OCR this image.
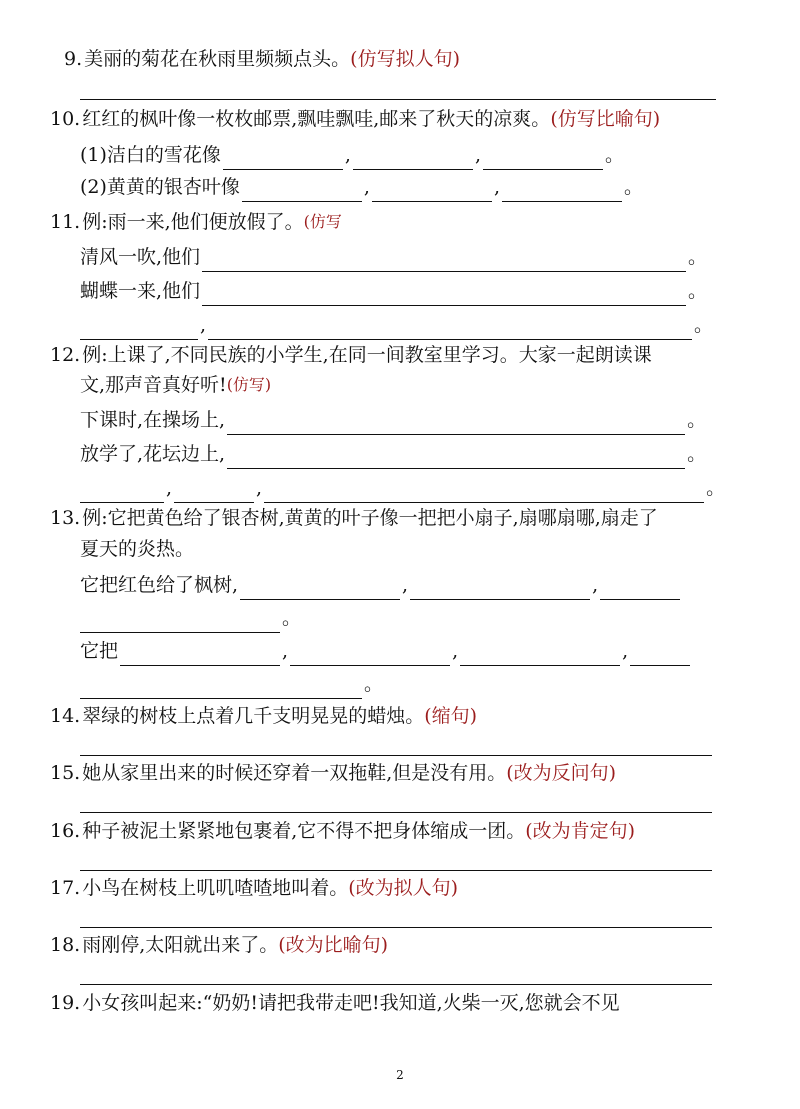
9. 美丽的菊花在秋雨里频频点头。 (仿写拟人句)
10. 红红的枫叶像一枚枚邮票,飘哇飘哇,邮来了秋天的凉爽。 (仿写比喻句)
(1)洁白的雪花像	,	,	。
(2)黄黄的银杏叶像	,	,	。
11. 例:雨一来,他们便放假了。 (仿写
清风一吹,他们	。
蝴蝶一来,他们	。
,	。
12. 例:上课了,不同民族的小学生,在同一间教室里学习。大家一起朗读课
文,那声音真好听! (仿写)
下课时,在操场上,	。
放学了,花坛边上,	。
,	,	。
13. 例:它把黄色给了银杏树,黄黄的叶子像一把把小扇子,扇哪扇哪,扇走了
夏天的炎热。
它把红色给了枫树,	,	,
。
它把	,	,	,
。
14. 翠绿的树枝上点着几千支明晃晃的蜡烛。 (缩句)
15. 她从家里出来的时候还穿着一双拖鞋,但是没有用。 (改为反问句)
16. 种子被泥土紧紧地包裹着,它不得不把身体缩成一团。 (改为肯定句)
17. 小鸟在树枝上叽叽喳喳地叫着。 (改为拟人句)
18. 雨刚停,太阳就出来了。 (改为比喻句)
19. 小女孩叫起来:“奶奶!请把我带走吧!我知道,火柴一灭,您就会不见
2
